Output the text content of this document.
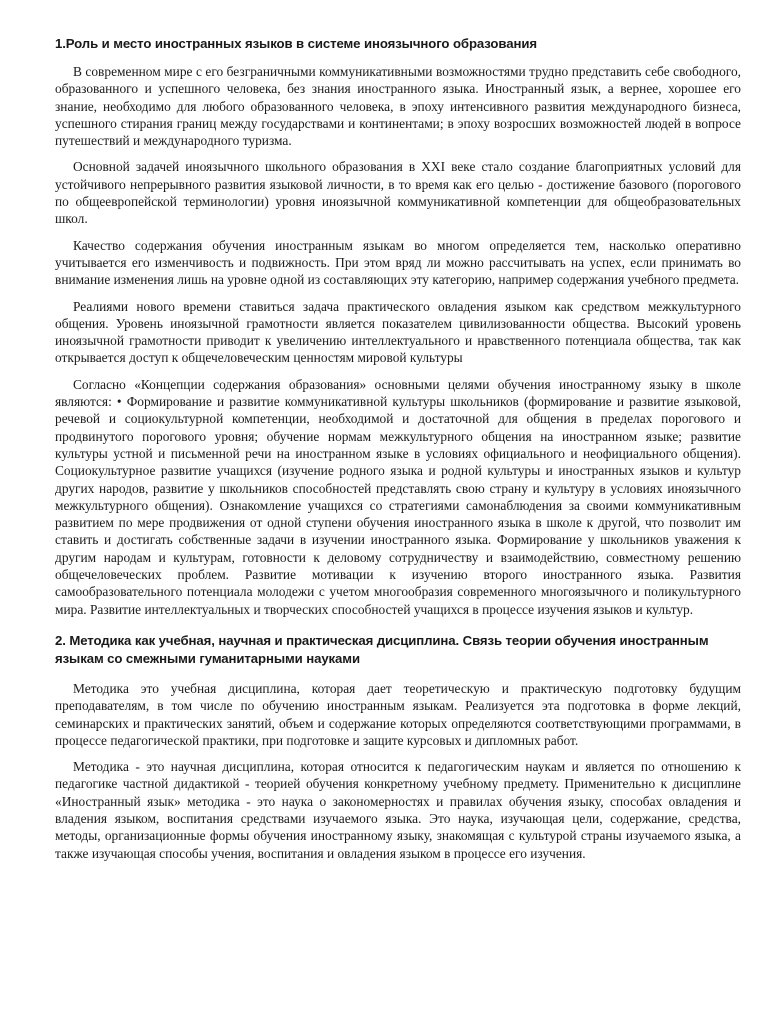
1.Роль и место иностранных языков в системе иноязычного образования

В современном мире с его безграничными коммуникативными возможностями трудно представить себе свободного, образованного и успешного человека, без знания иностранного языка. Иностранный язык, а вернее, хорошее его знание, необходимо для любого образованного человека, в эпоху интенсивного развития международного бизнеса, успешного стирания границ между государствами и континентами; в эпоху возросших возможностей людей в вопросе путешествий и международного туризма.

Основной задачей иноязычного школьного образования в XXI веке стало создание благоприятных условий для устойчивого непрерывного развития языковой личности, в то время как его целью - достижение базового (порогового по общеевропейской терминологии) уровня иноязычной коммуникативной компетенции для общеобразовательных школ.

Качество содержания обучения иностранным языкам во многом определяется тем, насколько оперативно учитывается его изменчивость и подвижность. При этом вряд ли можно рассчитывать на успех, если принимать во внимание изменения лишь на уровне одной из составляющих эту категорию, например содержания учебного предмета.

Реалиями нового времени ставиться задача практического овладения языком как средством межкультурного общения. Уровень иноязычной грамотности является показателем цивилизованности общества. Высокий уровень иноязычной грамотности приводит к увеличению интеллектуального и нравственного потенциала общества, так как открывается доступ к общечеловеческим ценностям мировой культуры

Согласно «Концепции содержания образования» основными целями обучения иностранному языку в школе являются: • Формирование и развитие коммуникативной культуры школьников (формирование и развитие языковой, речевой и социокультурной компетенции, необходимой и достаточной для общения в пределах порогового и продвинутого порогового уровня; обучение нормам межкультурного общения на иностранном языке; развитие культуры устной и письменной речи на иностранном языке в условиях официального и неофициального общения). Социокультурное развитие учащихся (изучение родного языка и родной культуры и иностранных языков и культур других народов, развитие у школьников способностей представлять свою страну и культуру в условиях иноязычного межкультурного общения). Ознакомление учащихся со стратегиями самонаблюдения за своими коммуникативным развитием по мере продвижения от одной ступени обучения иностранного языка в школе к другой, что позволит им ставить и достигать собственные задачи в изучении иностранного языка. Формирование у школьников уважения к другим народам и культурам, готовности к деловому сотрудничеству и взаимодействию, совместному решению общечеловеческих проблем. Развитие мотивации к изучению второго иностранного языка. Развития самообразовательного потенциала молодежи с учетом многообразия современного многоязычного и поликультурного мира. Развитие интеллектуальных и творческих способностей учащихся в процессе изучения языков и культур.

2. Методика как учебная, научная и практическая дисциплина. Связь теории обучения иностранным языкам со смежными гуманитарными науками

Методика это учебная дисциплина, которая дает теоретическую и практическую подготовку будущим преподавателям, в том числе по обучению иностранным языкам. Реализуется эта подготовка в форме лекций, семинарских и практических занятий, объем и содержание которых определяются соответствующими программами, в процессе педагогической практики, при подготовке и защите курсовых и дипломных работ.

Методика - это научная дисциплина, которая относится к педагогическим наукам и является по отношению к педагогике частной дидактикой - теорией обучения конкретному учебному предмету. Применительно к дисциплине «Иностранный язык» методика - это наука о закономерностях и правилах обучения языку, способах овладения и владения языком, воспитания средствами изучаемого языка. Это наука, изучающая цели, содержание, средства, методы, организационные формы обучения иностранному языку, знакомящая с культурой страны изучаемого языка, а также изучающая способы учения, воспитания и овладения языком в процессе его изучения.
